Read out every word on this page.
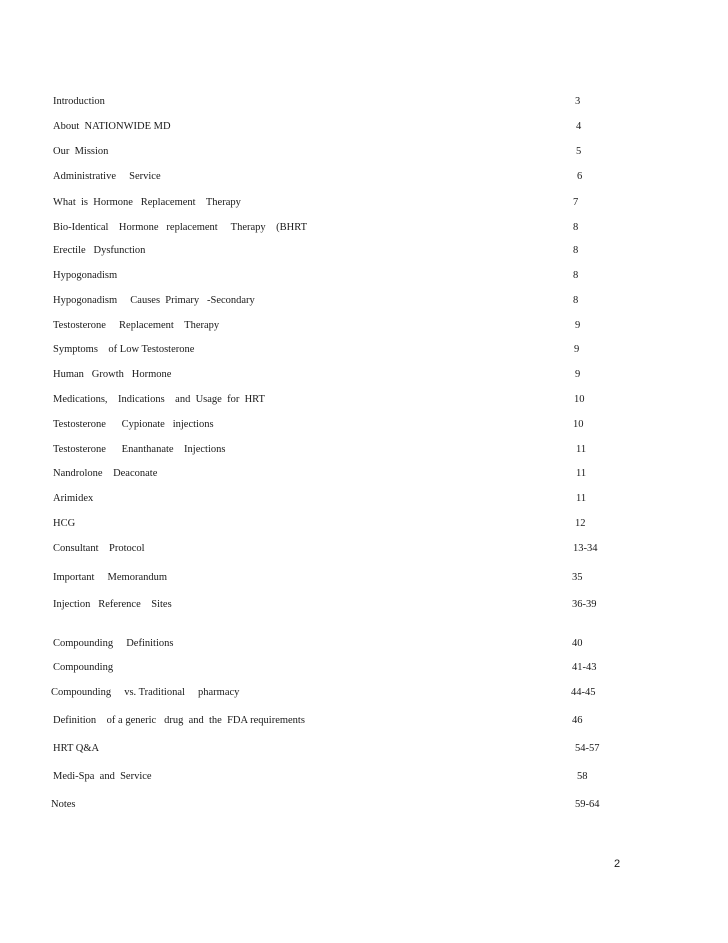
Introduction	3
About  NATIONWIDE MD	4
Our  Mission	5
Administrative     Service	6
What  is  Hormone   Replacement    Therapy	7
Bio-Identical    Hormone   replacement     Therapy    (BHRT	8
Erectile   Dysfunction	8
Hypogonadism	8
Hypogonadism     Causes  Primary   -Secondary	8
Testosterone     Replacement    Therapy	9
Symptoms    of Low Testosterone	9
Human   Growth   Hormone	9
Medications,    Indications    and  Usage  for  HRT	10
Testosterone      Cypionate   injections	10
Testosterone      Enanthanate    Injections	11
Nandrolone    Deaconate	11
Arimidex	11
HCG	12
Consultant    Protocol	13-34
Important     Memorandum	35
Injection   Reference    Sites	36-39
Compounding     Definitions	40
Compounding	41-43
Compounding     vs. Traditional     pharmacy	44-45
Definition    of a generic   drug  and  the  FDA requirements	46
HRT Q&A	54-57
Medi-Spa  and  Service	58
Notes	59-64
2
